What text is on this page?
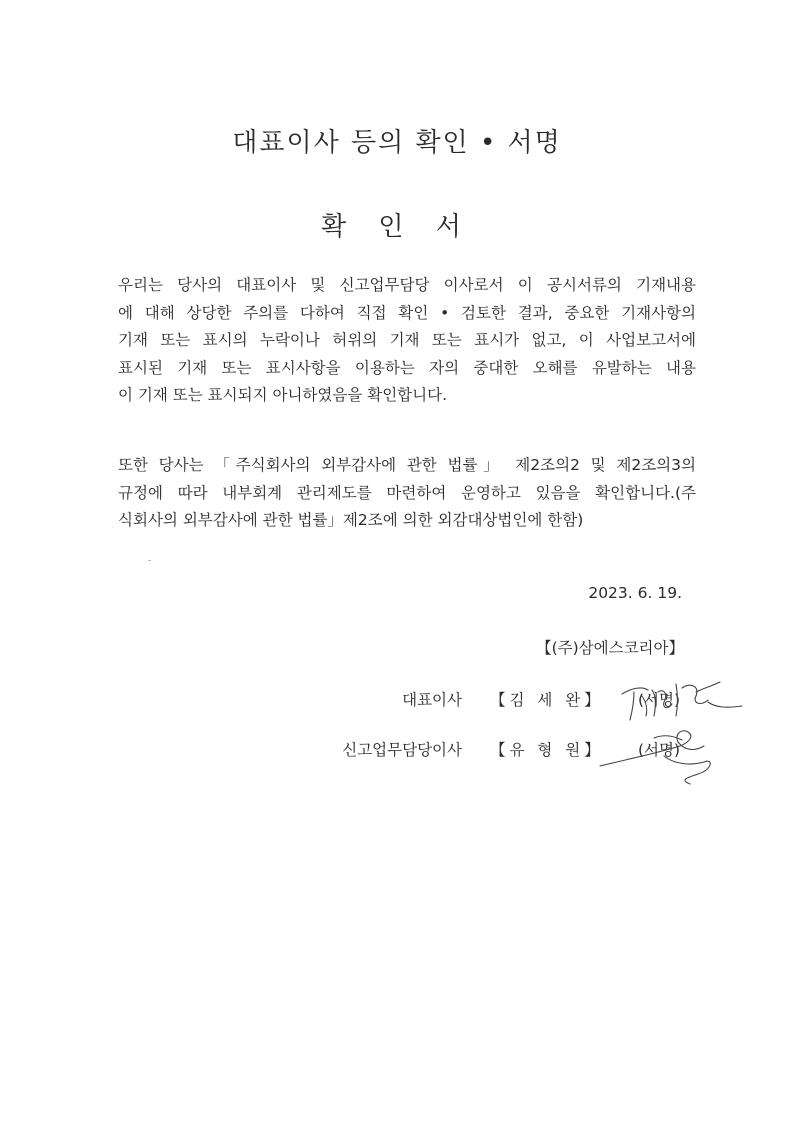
대표이사 등의 확인 • 서명
확 인 서
우리는 당사의 대표이사 및 신고업무담당 이사로서 이 공시서류의 기재내용
에 대해 상당한 주의를 다하여 직접 확인 • 검토한 결과, 중요한 기재사항의
기재 또는 표시의 누락이나 허위의 기재 또는 표시가 없고, 이 사업보고서에
표시된 기재 또는 표시사항을 이용하는 자의 중대한 오해를 유발하는 내용
이 기재 또는 표시되지 아니하였음을 확인합니다.
또한 당사는 「주식회사의 외부감사에 관한 법률」 제2조의2 및 제2조의3의
규정에 따라 내부회계 관리제도를 마련하여 운영하고 있음을 확인합니다.(주
식회사의 외부감사에 관한 법률」제2조에 의한 외감대상법인에 한함)
2023. 6. 19.
【(주)삼에스코리아】
대표이사 【김 세 완】 (서명)
신고업무담당이사 【유 형 원】 (서명)
